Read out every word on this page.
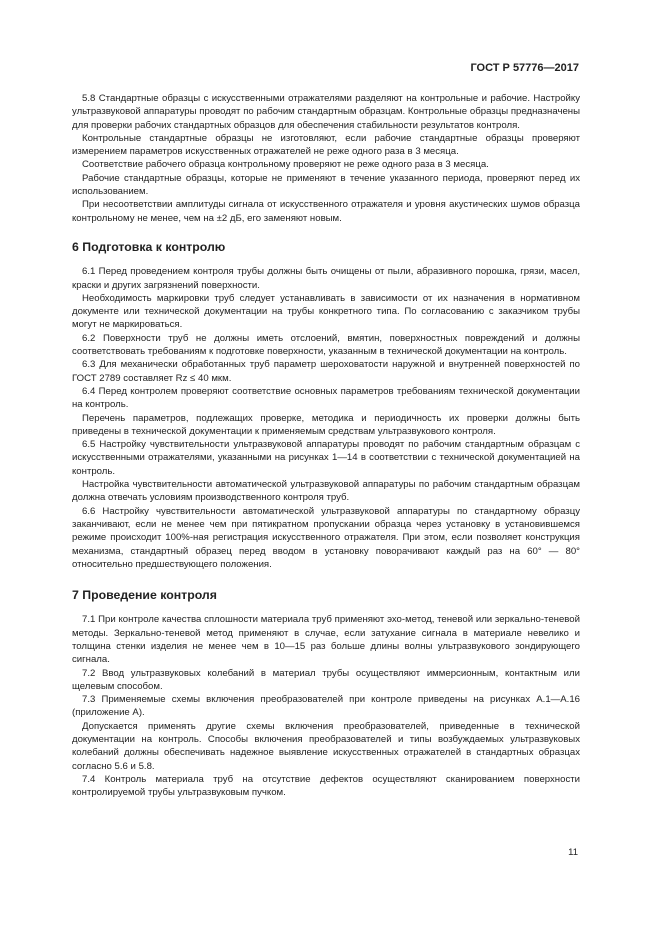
ГОСТ Р 57776—2017

5.8 Стандартные образцы с искусственными отражателями разделяют на контрольные и рабочие. Настройку ультразвуковой аппаратуры проводят по рабочим стандартным образцам. Контрольные образцы предназначены для проверки рабочих стандартных образцов для обеспечения стабильности результатов контроля.

Контрольные стандартные образцы не изготовляют, если рабочие стандартные образцы проверяют измерением параметров искусственных отражателей не реже одного раза в 3 месяца.

Соответствие рабочего образца контрольному проверяют не реже одного раза в 3 месяца.

Рабочие стандартные образцы, которые не применяют в течение указанного периода, проверяют перед их использованием.

При несоответствии амплитуды сигнала от искусственного отражателя и уровня акустических шумов образца контрольному не менее, чем на ±2 дБ, его заменяют новым.

6 Подготовка к контролю

6.1 Перед проведением контроля трубы должны быть очищены от пыли, абразивного порошка, грязи, масел, краски и других загрязнений поверхности.

Необходимость маркировки труб следует устанавливать в зависимости от их назначения в нормативном документе или технической документации на трубы конкретного типа. По согласованию с заказчиком трубы могут не маркироваться.

6.2 Поверхности труб не должны иметь отслоений, вмятин, поверхностных повреждений и должны соответствовать требованиям к подготовке поверхности, указанным в технической документации на контроль.

6.3 Для механически обработанных труб параметр шероховатости наружной и внутренней поверхностей по ГОСТ 2789 составляет Rz ≤ 40 мкм.

6.4 Перед контролем проверяют соответствие основных параметров требованиям технической документации на контроль.

Перечень параметров, подлежащих проверке, методика и периодичность их проверки должны быть приведены в технической документации к применяемым средствам ультразвукового контроля.

6.5 Настройку чувствительности ультразвуковой аппаратуры проводят по рабочим стандартным образцам с искусственными отражателями, указанными на рисунках 1—14 в соответствии с технической документацией на контроль.

Настройка чувствительности автоматической ультразвуковой аппаратуры по рабочим стандартным образцам должна отвечать условиям производственного контроля труб.

6.6 Настройку чувствительности автоматической ультразвуковой аппаратуры по стандартному образцу заканчивают, если не менее чем при пятикратном пропускании образца через установку в установившемся режиме происходит 100%-ная регистрация искусственного отражателя. При этом, если позволяет конструкция механизма, стандартный образец перед вводом в установку поворачивают каждый раз на 60° — 80° относительно предшествующего положения.

7 Проведение контроля

7.1 При контроле качества сплошности материала труб применяют эхо-метод, теневой или зеркально-теневой методы. Зеркально-теневой метод применяют в случае, если затухание сигнала в материале невелико и толщина стенки изделия не менее чем в 10—15 раз больше длины волны ультразвукового зондирующего сигнала.

7.2 Ввод ультразвуковых колебаний в материал трубы осуществляют иммерсионным, контактным или щелевым способом.

7.3 Применяемые схемы включения преобразователей при контроле приведены на рисунках А.1—А.16 (приложение А).

Допускается применять другие схемы включения преобразователей, приведенные в технической документации на контроль. Способы включения преобразователей и типы возбуждаемых ультразвуковых колебаний должны обеспечивать надежное выявление искусственных отражателей в стандартных образцах согласно 5.6 и 5.8.

7.4 Контроль материала труб на отсутствие дефектов осуществляют сканированием поверхности контролируемой трубы ультразвуковым пучком.

11
